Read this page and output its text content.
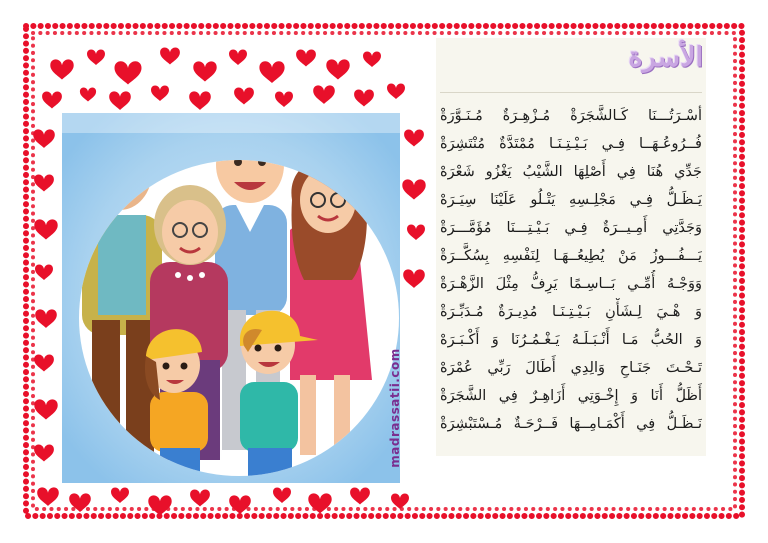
الأسرة
أسْـرَتُـــنَا كَـالشَّجَرَةْ مُـزْهِـرَةٌ مُـنَـوَّرَةْ
فُــرُوعُـهَــا فِـي بَـيْـتِـنَـا مُمْتَدَّةٌ مُنْتَشِرَةْ
جَدِّي هُنَا فِي أَصْلِهَا الشَّيْبُ يَغْزُو شَعْرَهْ
يَـظَـلُّ فِـي مَجْلِـسِهِ يَتْـلُو عَلَيْنَا سِيَـرَهْ
وَجَدَّتِي أَمِـيــرَةٌ فِـي بَـيْـتِـــنَا مُؤَمَّـــرَةْ
يَـــفُـــوزُ مَنْ يُطِيعُــهَـا لِنَفْسِهِ بِسُكَّــرَةْ
وَوَجْـهُ أُمِّـي بَــاسِـمًا يَرِفُّ مِثْلَ الزَّهْـرَةْ
وَ هْـيَ لِـشَأْنِ بَـيْـتِـنَـا مُدِيـرَةٌ مُـدَبِّـرَةْ
وَ الحُبُّ مَـا أَنْـبَـلَـهُ يَـغْـمُـرُنَا وَ أَكْـبَـرَهْ
تَـحْـتَ جَنَـاحِ وَالِدِي أَطَالَ رَبِّي عُمْرَهْ
أَظَلُّ أَنَا وَ إِخْـوَتِي أَزَاهِـرٌ فِي الشَّجَرَةْ
نَـظَـلُّ فِي أَكْمَـامِــهَا فَــرْحَـةٌ مُـسْتَبْشِرَةْ
madrassatii.com
